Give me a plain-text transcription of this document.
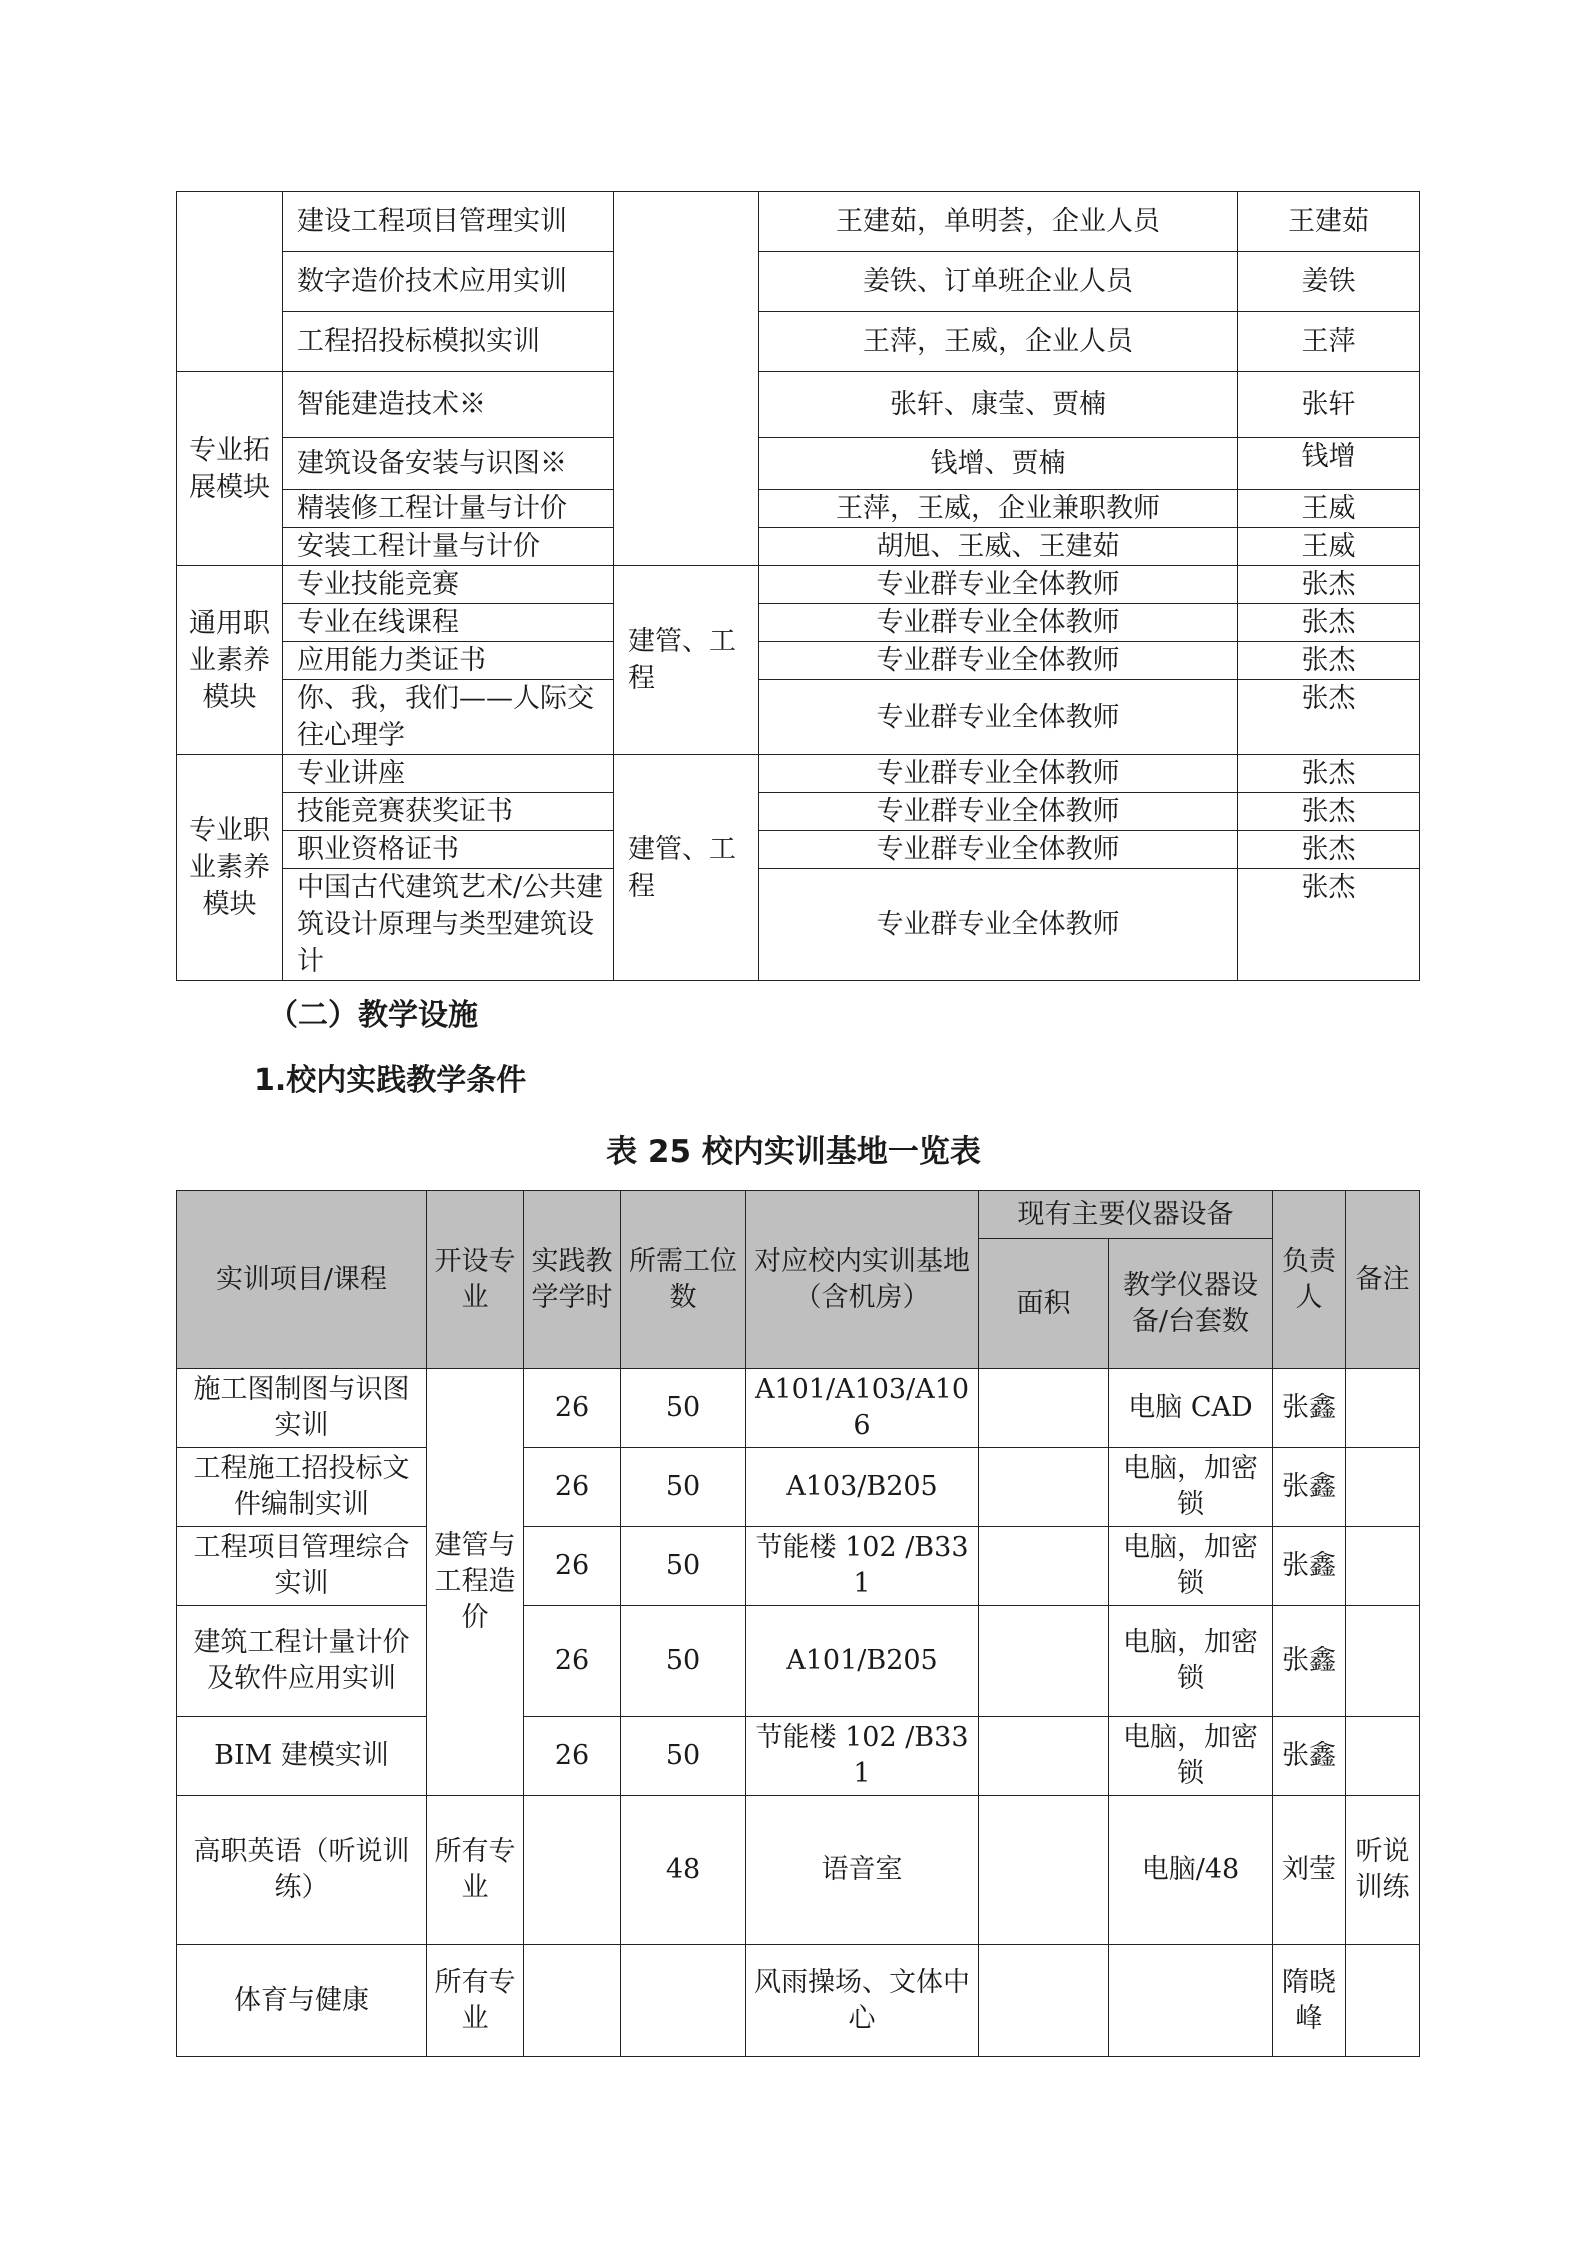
	建设工程项目管理实训		王建茹，单明荟，企业人员	王建茹
	数字造价技术应用实训		姜铁、订单班企业人员	姜铁
	工程招投标模拟实训		王萍，王威，企业人员	王萍
专业拓展模块	智能建造技术※		张轩、康莹、贾楠	张轩
	建筑设备安装与识图※		钱增、贾楠	钱增
	精装修工程计量与计价		王萍，王威，企业兼职教师	王威
	安装工程计量与计价		胡旭、王威、王建茹	王威
通用职业素养模块	专业技能竞赛	建管、工程	专业群专业全体教师	张杰
	专业在线课程		专业群专业全体教师	张杰
	应用能力类证书		专业群专业全体教师	张杰
	你、我，我们——人际交往心理学		专业群专业全体教师	张杰
专业职业素养模块	专业讲座	建管、工程	专业群专业全体教师	张杰
	技能竞赛获奖证书		专业群专业全体教师	张杰
	职业资格证书		专业群专业全体教师	张杰
	中国古代建筑艺术/公共建筑设计原理与类型建筑设计		专业群专业全体教师	张杰
（二）教学设施
1.校内实践教学条件
表 25 校内实训基地一览表
实训项目/课程	开设专业	实践教学学时	所需工位数	对应校内实训基地（含机房）	现有主要仪器设备		负责人	备注
					面积	教学仪器设备/台套数		
施工图制图与识图实训	建管与工程造价	26	50	A101/A103/A106		电脑 CAD	张鑫	
工程施工招投标文件编制实训		26	50	A103/B205		电脑，加密锁	张鑫	
工程项目管理综合实训		26	50	节能楼 102 /B331		电脑，加密锁	张鑫	
建筑工程计量计价及软件应用实训		26	50	A101/B205		电脑，加密锁	张鑫	
BIM 建模实训		26	50	节能楼 102 /B331		电脑，加密锁	张鑫	
高职英语（听说训练）	所有专业		48	语音室		电脑/48	刘莹	听说训练
体育与健康	所有专业			风雨操场、文体中心			隋晓峰	
